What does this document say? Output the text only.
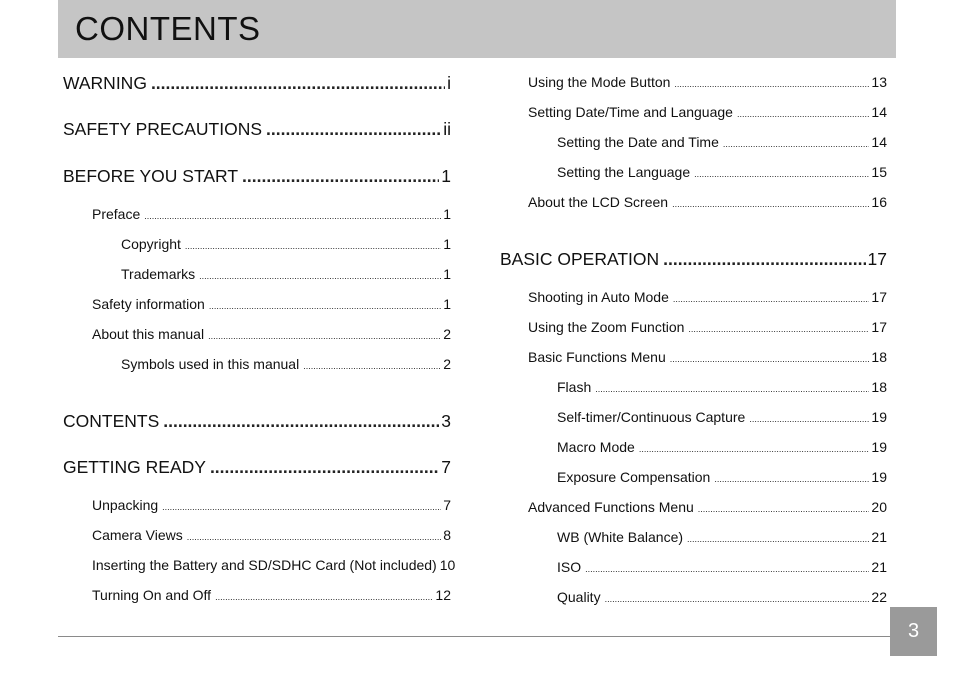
CONTENTS
WARNING .....	i
SAFETY PRECAUTIONS .....	ii
BEFORE YOU START .....	1
Preface .....	1
Copyright .....	1
Trademarks .....	1
Safety information .....	1
About this manual .....	2
Symbols used in this manual .....	2
CONTENTS .....	3
GETTING READY .....	7
Unpacking .....	7
Camera Views .....	8
Inserting the Battery and SD/SDHC Card (Not included) 10
Turning On and Off .....	12
Using the Mode Button .....	13
Setting Date/Time and Language .....	14
Setting the Date and Time .....	14
Setting the Language .....	15
About the LCD Screen .....	16
BASIC OPERATION .....	17
Shooting in Auto Mode .....	17
Using the Zoom Function .....	17
Basic Functions Menu .....	18
Flash .....	18
Self-timer/Continuous Capture .....	19
Macro Mode .....	19
Exposure Compensation .....	19
Advanced Functions Menu .....	20
WB (White Balance) .....	21
ISO .....	21
Quality .....	22
3
